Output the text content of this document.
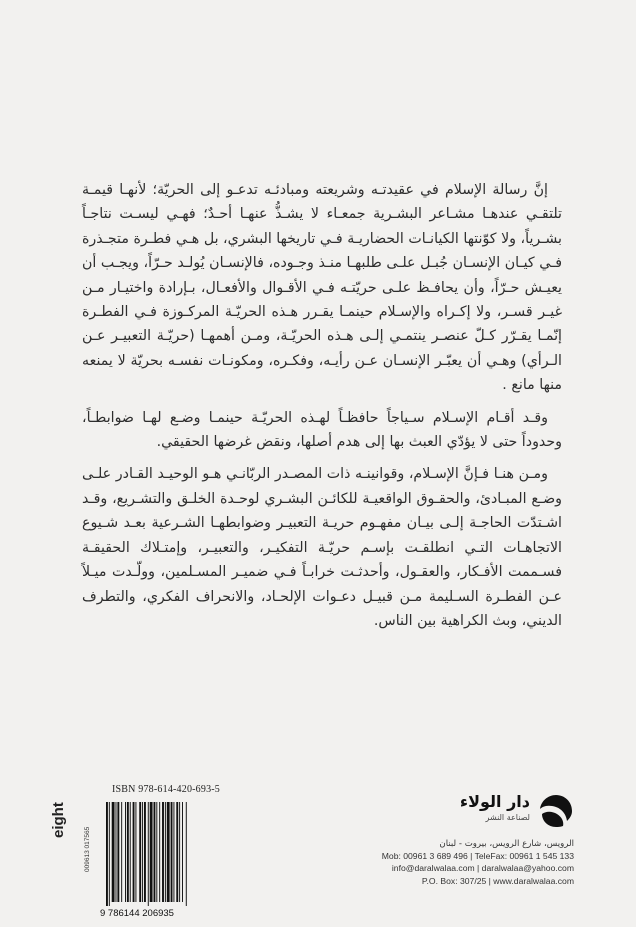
إنَّ رسالة الإسلام في عقيدتـه وشريعته ومبادئـه تدعـو إلى الحريّة؛ لأنهـا قيمـة تلتقـي عندهـا مشـاعر البشـرية جمعـاء لا يشـذُّ عنهـا أحـدٌ؛ فهـي ليسـت نتاجـاً بشـرياً، ولا كوّنتها الكيانـات الحضاريـة فـي تاريخها البشري، بل هـي فطـرة متجـذرة فـي كيـان الإنسـان جُبـل علـى طلبهـا منـذ وجـوده، فالإنسـان يُولـد حـرّاً، ويجـب أن يعيـش حـرّاً، وأن يحافـظ علـى حريّتـه فـي الأقـوال والأفعـال، بـإرادة واختيـار مـن غيـر قسـر، ولا إكـراه والإسـلام حينمـا يقـرر هـذه الحريّـة المركـوزة فـي الفطـرة إنّمـا يقـرّر كـلّ عنصـر ينتمـي إلـى هـذه الحريّـة، ومـن أهمهـا (حريّـة التعبيـر عـن الـرأي) وهـي أن يعبّـر الإنسـان عـن رأيـه، وفكـره، ومكونـات نفسـه بحريّة لا يمنعه منها مانع .

وقـد أقـام الإسـلام سـياجاً حافظـاً لهـذه الحريّـة حينمـا وضـع لهـا ضوابطـاً، وحدوداً حتى لا يؤدّي العبث بها إلى هدم أصلها، ونقض غرضها الحقيقي.

ومـن هنـا فـإنَّ الإسـلام، وقوانينـه ذات المصـدر الربّانـي هـو الوحيـد القـادر علـى وضـع المبـادئ، والحقـوق الواقعيـة للكائـن البشـري لوحـدة الخلـق والتشـريع، وقـد اشـتدّت الحاجـة إلـى بيـان مفهـوم حريـة التعبيـر وضوابطهـا الشـرعية بعـد شـيوع الاتجاهـات التـي انطلقـت بإسـم حريّـة التفكيـر، والتعبيـر، وإمتـلاك الحقيقـة فسـممت الأفـكار، والعقـول، وأحدثـت خرابـاً فـي ضميـر المسـلمين، وولّـدت ميـلاً عـن الفطـرة السـليمة مـن قبيـل دعـوات الإلحـاد، والانحراف الفكري، والتطرف الديني، وبث الكراهية بين الناس.

دار الولاء
لصناعة النشر
الرويس، شارع الرويس، بيروت - لبنان
Mob: 00961 3 689 496 | TeleFax: 00961 1 545 133
info@daralwalaa.com | daralwalaa@yahoo.com
P.O. Box: 307/25 | www.daralwalaa.com
ISBN 978-614-420-693-5
9 786144 206935
eight
009613 017565
